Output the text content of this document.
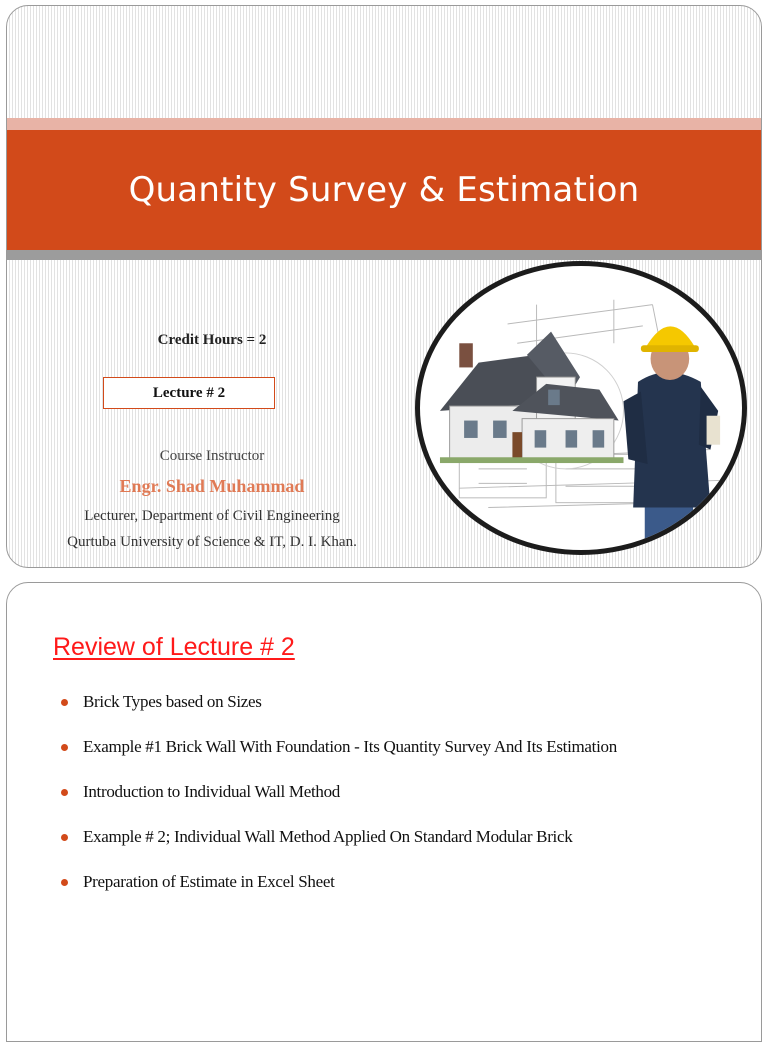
Quantity Survey & Estimation
Credit Hours = 2
Lecture # 2
Course Instructor
Engr. Shad Muhammad
Lecturer, Department of Civil Engineering
Qurtuba University of Science & IT, D. I. Khan.
Review of Lecture # 2
Brick Types based on Sizes
Example #1 Brick Wall With Foundation - Its Quantity Survey And Its Estimation
Introduction to Individual Wall Method
Example # 2; Individual Wall Method Applied On Standard Modular Brick
Preparation of Estimate in Excel Sheet
